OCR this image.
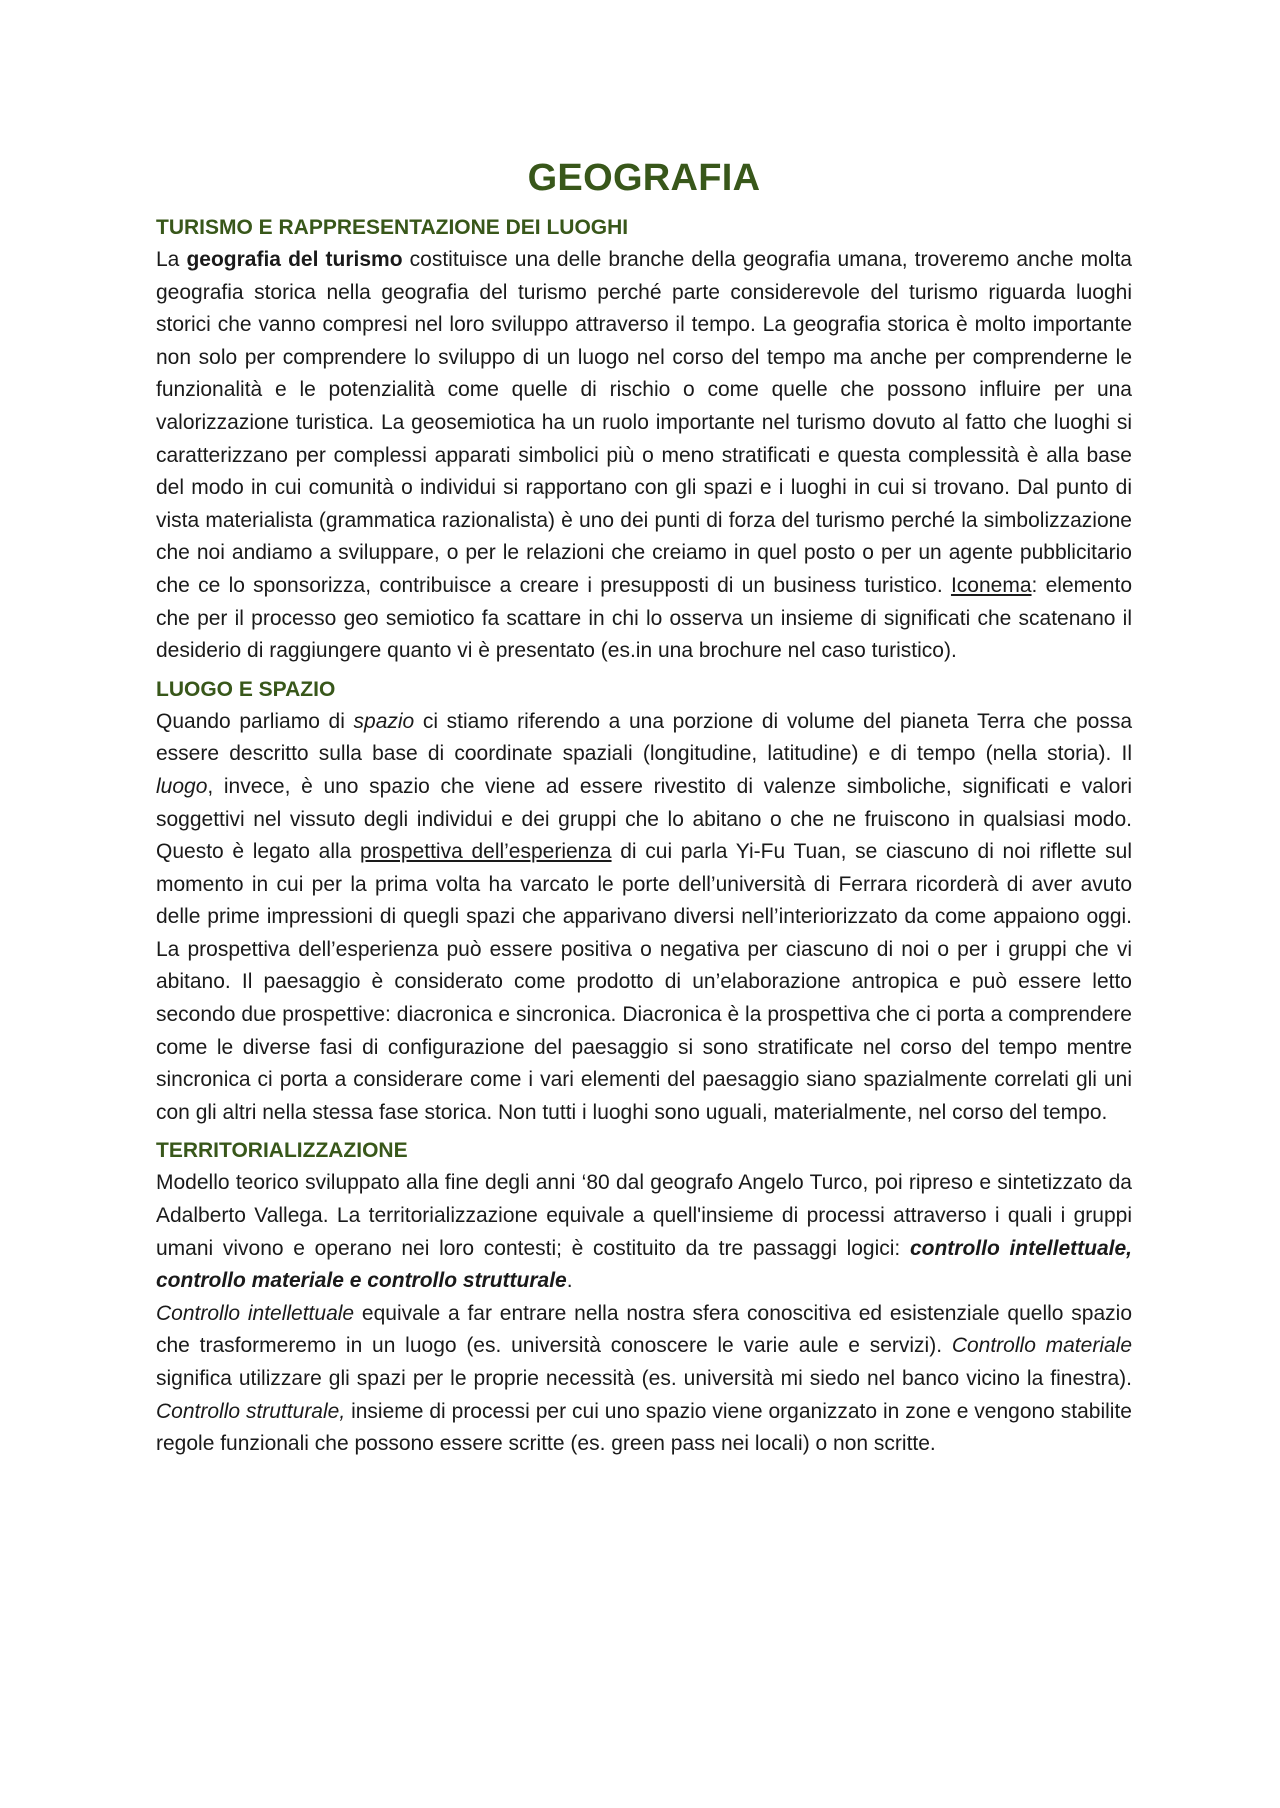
GEOGRAFIA
TURISMO E RAPPRESENTAZIONE DEI LUOGHI

La geografia del turismo costituisce una delle branche della geografia umana, troveremo anche molta geografia storica nella geografia del turismo perché parte considerevole del turismo riguarda luoghi storici che vanno compresi nel loro sviluppo attraverso il tempo. La geografia storica è molto importante non solo per comprendere lo sviluppo di un luogo nel corso del tempo ma anche per comprenderne le funzionalità e le potenzialità come quelle di rischio o come quelle che possono influire per una valorizzazione turistica. La geosemiotica ha un ruolo importante nel turismo dovuto al fatto che luoghi si caratterizzano per complessi apparati simbolici più o meno stratificati e questa complessità è alla base del modo in cui comunità o individui si rapportano con gli spazi e i luoghi in cui si trovano. Dal punto di vista materialista (grammatica razionalista) è uno dei punti di forza del turismo perché la simbolizzazione che noi andiamo a sviluppare, o per le relazioni che creiamo in quel posto o per un agente pubblicitario che ce lo sponsorizza, contribuisce a creare i presupposti di un business turistico. Iconema: elemento che per il processo geo semiotico fa scattare in chi lo osserva un insieme di significati che scatenano il desiderio di raggiungere quanto vi è presentato (es.in una brochure nel caso turistico).

LUOGO E SPAZIO

Quando parliamo di spazio ci stiamo riferendo a una porzione di volume del pianeta Terra che possa essere descritto sulla base di coordinate spaziali (longitudine, latitudine) e di tempo (nella storia). Il luogo, invece, è uno spazio che viene ad essere rivestito di valenze simboliche, significati e valori soggettivi nel vissuto degli individui e dei gruppi che lo abitano o che ne fruiscono in qualsiasi modo. Questo è legato alla prospettiva dell’esperienza di cui parla Yi-Fu Tuan, se ciascuno di noi riflette sul momento in cui per la prima volta ha varcato le porte dell’università di Ferrara ricorderà di aver avuto delle prime impressioni di quegli spazi che apparivano diversi nell’interiorizzato da come appaiono oggi. La prospettiva dell’esperienza può essere positiva o negativa per ciascuno di noi o per i gruppi che vi abitano. Il paesaggio è considerato come prodotto di un’elaborazione antropica e può essere letto secondo due prospettive: diacronica e sincronica. Diacronica è la prospettiva che ci porta a comprendere come le diverse fasi di configurazione del paesaggio si sono stratificate nel corso del tempo mentre sincronica ci porta a considerare come i vari elementi del paesaggio siano spazialmente correlati gli uni con gli altri nella stessa fase storica. Non tutti i luoghi sono uguali, materialmente, nel corso del tempo.

TERRITORIALIZZAZIONE

Modello teorico sviluppato alla fine degli anni ‘80 dal geografo Angelo Turco, poi ripreso e sintetizzato da Adalberto Vallega. La territorializzazione equivale a quell'insieme di processi attraverso i quali i gruppi umani vivono e operano nei loro contesti; è costituito da tre passaggi logici: controllo intellettuale, controllo materiale e controllo strutturale.

Controllo intellettuale equivale a far entrare nella nostra sfera conoscitiva ed esistenziale quello spazio che trasformeremo in un luogo (es. università conoscere le varie aule e servizi). Controllo materiale significa utilizzare gli spazi per le proprie necessità (es. università mi siedo nel banco vicino la finestra). Controllo strutturale, insieme di processi per cui uno spazio viene organizzato in zone e vengono stabilite regole funzionali che possono essere scritte (es. green pass nei locali) o non scritte.
